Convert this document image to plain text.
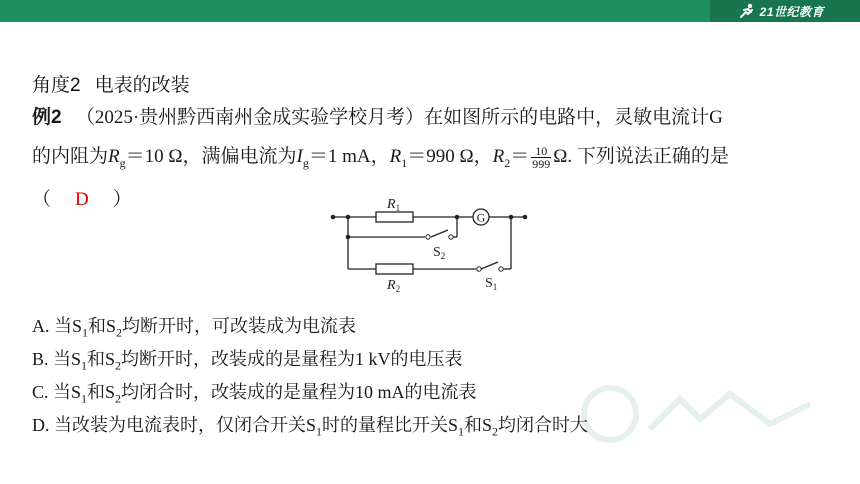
21世纪教育
角度2 电表的改装
例2 （2025·贵州黔西南州金成实验学校月考）在如图所示的电路中，灵敏电流计G
的内阻为$R_g=10$ Ω，满偏电流为$I_g=1$ mA，$R_1=990$ Ω，$R_2= \frac{10}{999} \Omega$. 下列说法正确的是
（ D ）	$R_1$
G
$S_2$
$R_2$	$S_1$
A. 当$S_1$和$S_2$均断开时，可改装成为电流表
B. 当$S_1$和$S_2$均断开时，改装成的是量程为1 kV的电压表
C. 当$S_1$和$S_2$均闭合时，改装成的是量程为10 mA的电流表
D. 当改装为电流表时，仅闭合开关$S_1$时的量程比开关$S_1$和$S_2$均闭合时大
